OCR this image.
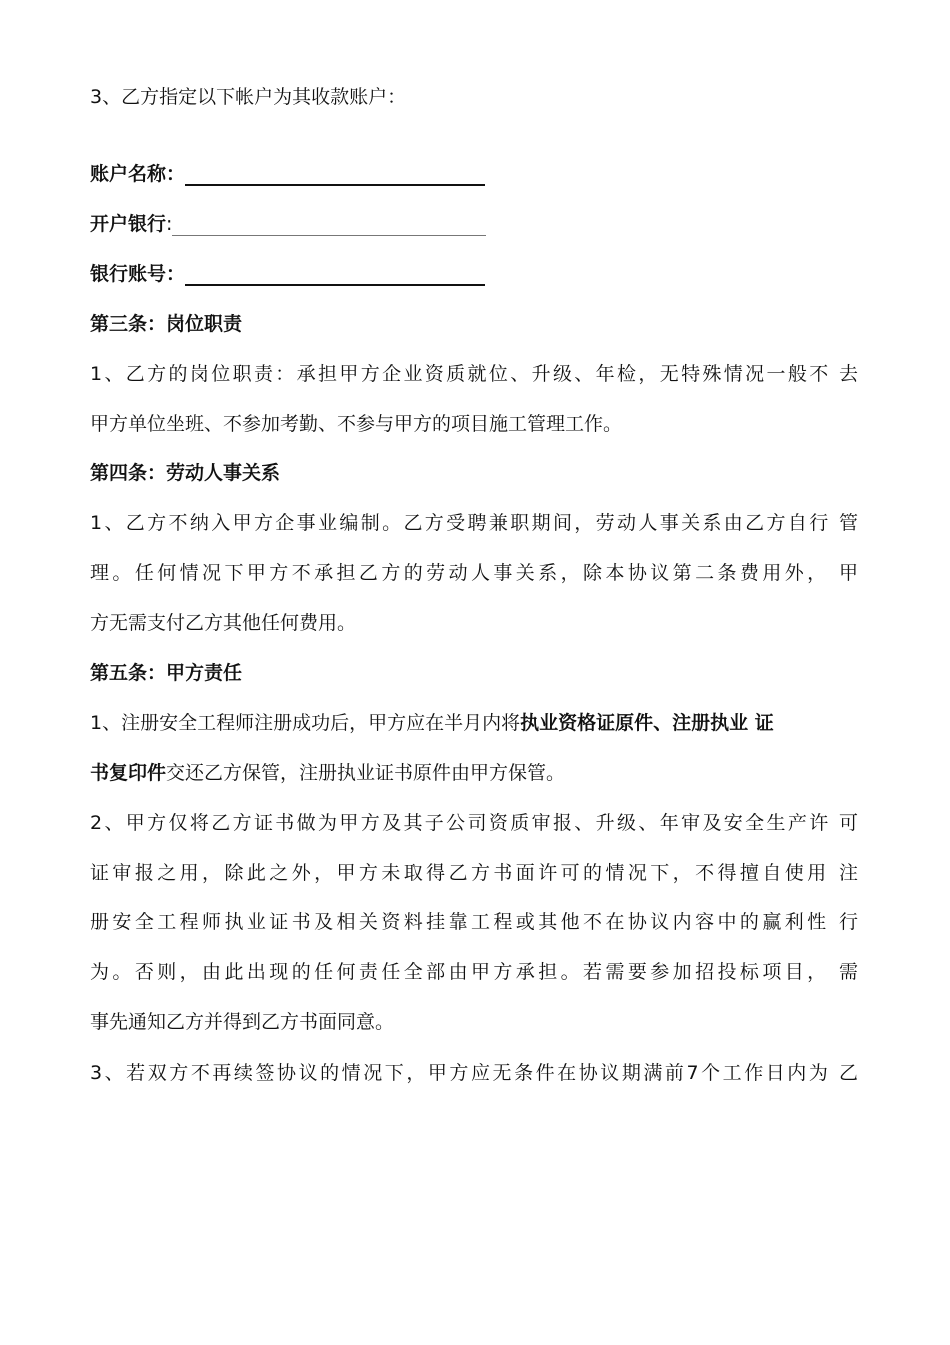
3、乙方指定以下帐户为其收款账户：
账户名称：
开户银行:
银行账号：
第三条：岗位职责
1、乙方的岗位职责：承担甲方企业资质就位、升级、年检，无特殊情况一般不 去
甲方单位坐班、不参加考勤、不参与甲方的项目施工管理工作。
第四条：劳动人事关系
1、乙方不纳入甲方企事业编制。乙方受聘兼职期间，劳动人事关系由乙方自行 管
理。任何情况下甲方不承担乙方的劳动人事关系，除本协议第二条费用外， 甲
方无需支付乙方其他任何费用。
第五条：甲方责任
1、注册安全工程师注册成功后，甲方应在半月内将执业资格证原件、注册执业 证
书复印件交还乙方保管，注册执业证书原件由甲方保管。
2、甲方仅将乙方证书做为甲方及其子公司资质审报、升级、年审及安全生产许 可
证审报之用，除此之外，甲方未取得乙方书面许可的情况下，不得擅自使用 注
册安全工程师执业证书及相关资料挂靠工程或其他不在协议内容中的赢利性 行
为。否则，由此出现的任何责任全部由甲方承担。若需要参加招投标项目， 需
事先通知乙方并得到乙方书面同意。
3、若双方不再续签协议的情况下，甲方应无条件在协议期满前7个工作日内为 乙
